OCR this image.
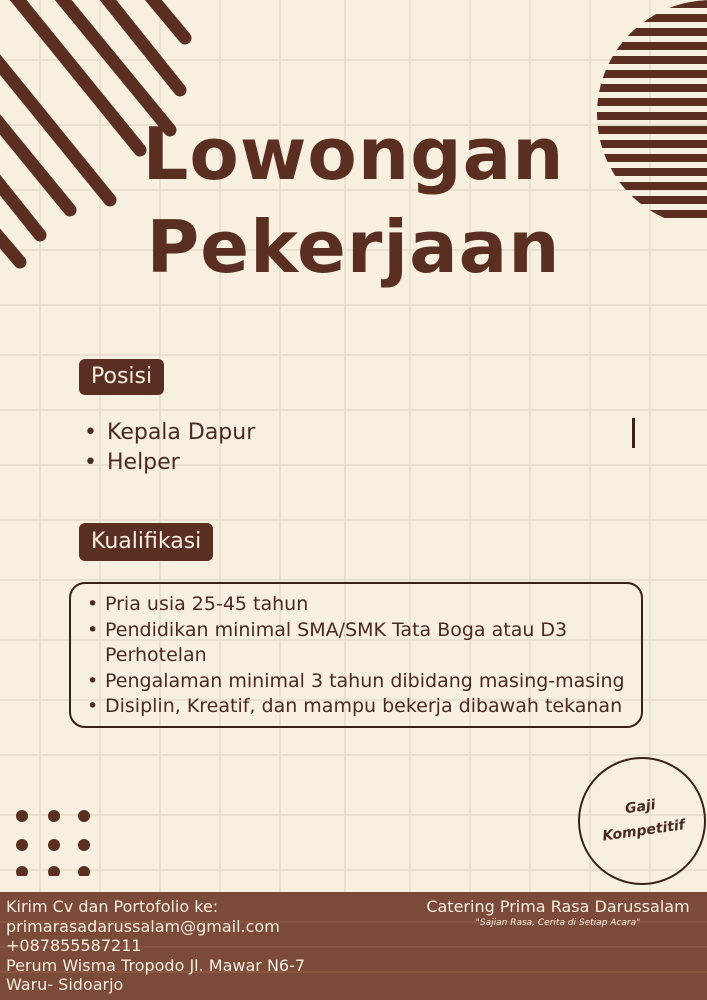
Lowongan
Pekerjaan
Posisi
• Kepala Dapur
• Helper
Kualifikasi
• Pria usia 25-45 tahun
• Pendidikan minimal SMA/SMK Tata Boga atau D3 Perhotelan
• Pengalaman minimal 3 tahun dibidang masing-masing
• Disiplin, Kreatif, dan mampu bekerja dibawah tekanan
Gaji
Kompetitif
Kirim Cv dan Portofolio ke:
primarasadarussalam@gmail.com
+087855587211
Perum Wisma Tropodo Jl. Mawar N6-7
Waru- Sidoarjo
Catering Prima Rasa Darussalam
"Sajian Rasa, Cerita di Setiap Acara"
